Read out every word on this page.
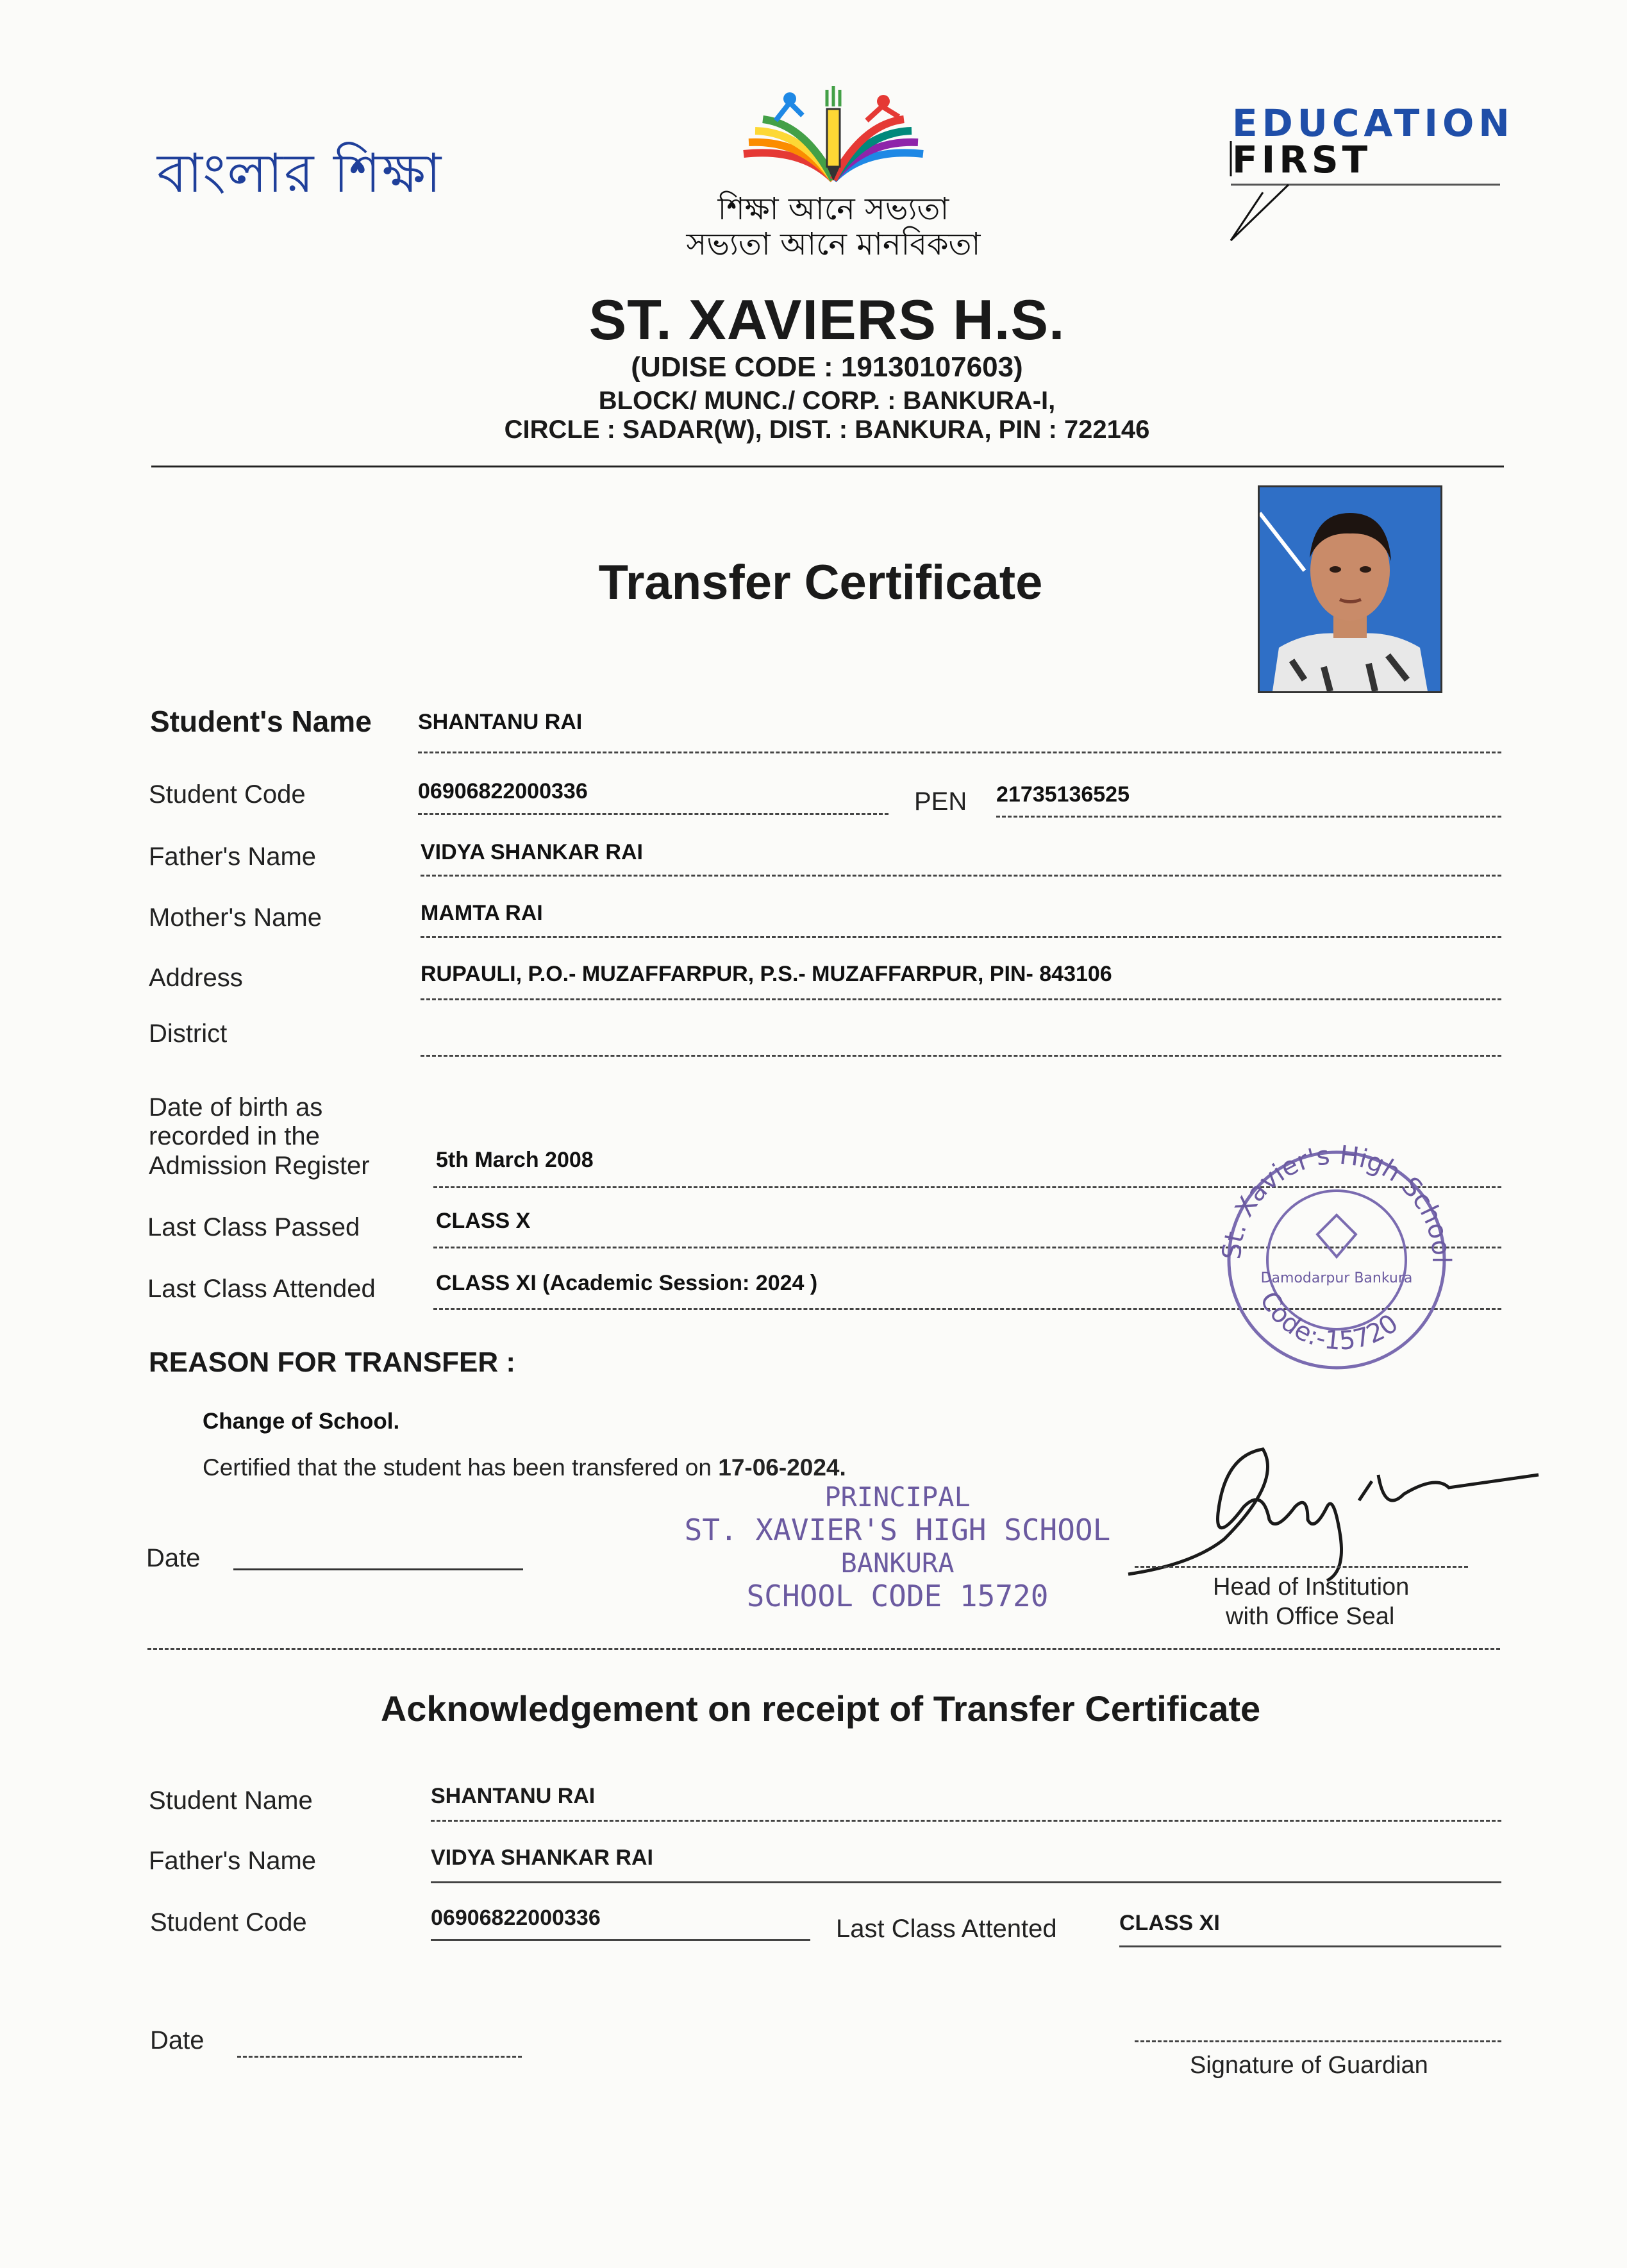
বাংলার শিক্ষা
শিক্ষা আনে সভ্যতা
সভ্যতা আনে মানবিকতা
EDUCATION
FIRST
ST. XAVIERS H.S.
(UDISE CODE : 19130107603)
BLOCK/ MUNC./ CORP. : BANKURA-I,
CIRCLE : SADAR(W), DIST. : BANKURA, PIN : 722146
Transfer Certificate
Student's Name SHANTANU RAI
Student Code	06906822000336	PEN 21735136525
Father's Name	VIDYA SHANKAR RAI
Mother's Name	MAMTA RAI
Address	RUPAULI, P.O.- MUZAFFARPUR, P.S.- MUZAFFARPUR, PIN- 843106
District
Date of birth as
recorded in the
Admission Register	5th March 2008
Last Class Passed	CLASS X
Last Class Attended	CLASS XI (Academic Session: 2024 )
St. Xavier's High School
Code:-15720
Damodarpur Bankura
REASON FOR TRANSFER :
Change of School.
Certified that the student has been transfered on 17-06-2024.
PRINCIPAL
ST. XAVIER'S HIGH SCHOOL
BANKURA
SCHOOL CODE 15720
Date
Head of Institution
with Office Seal
Acknowledgement on receipt of Transfer Certificate
Student Name	SHANTANU RAI
Father's Name	VIDYA SHANKAR RAI
Student Code	06906822000336	Last Class Attented	CLASS XI
Date
Signature of Guardian
